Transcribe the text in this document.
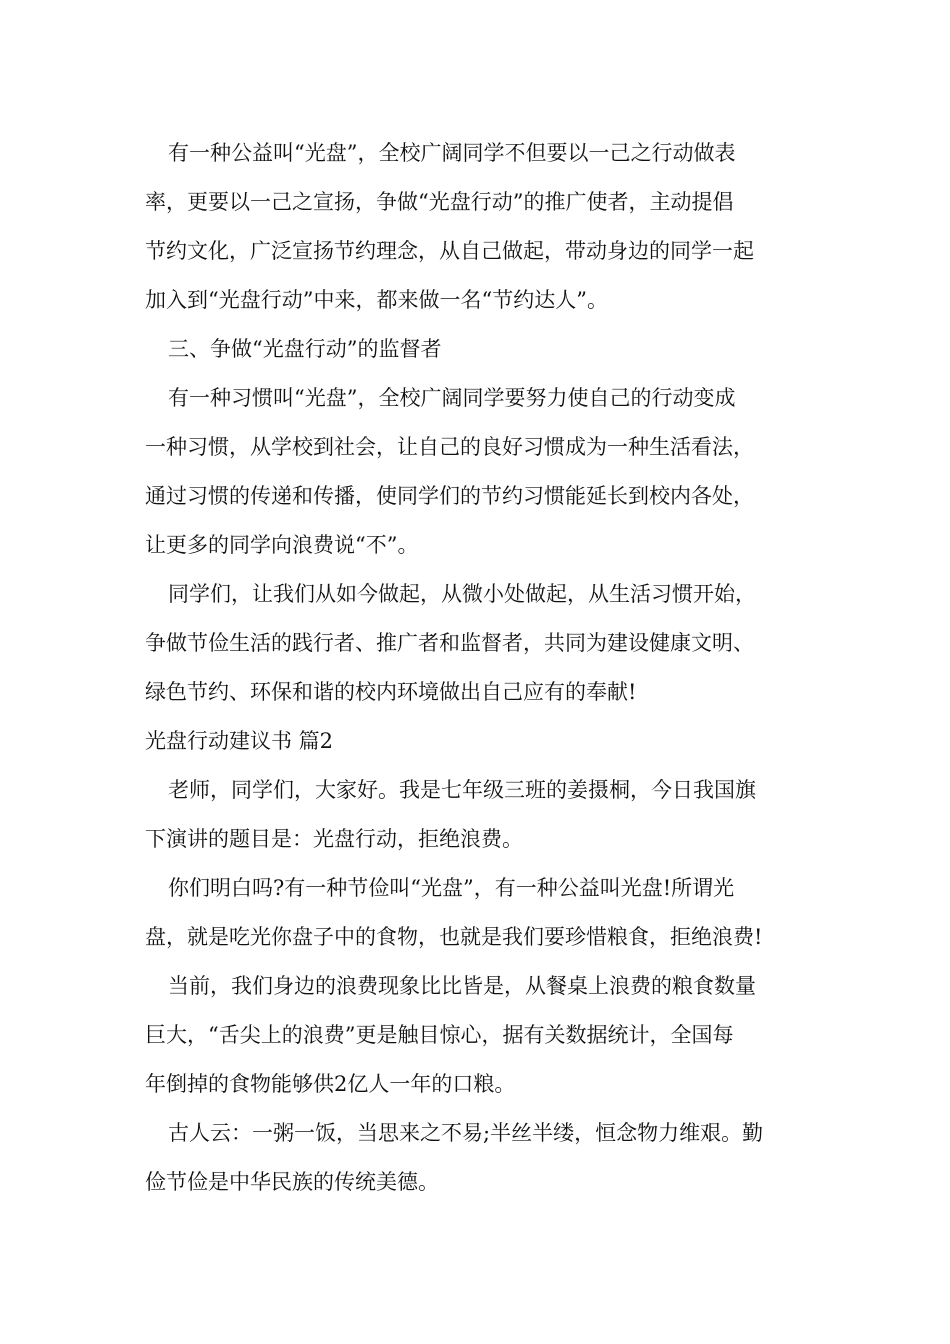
有一种公益叫“光盘”，全校广阔同学不但要以一己之行动做表
率，更要以一己之宣扬，争做“光盘行动”的推广使者，主动提倡
节约文化，广泛宣扬节约理念，从自己做起，带动身边的同学一起
加入到“光盘行动”中来，都来做一名“节约达人”。
三、争做“光盘行动”的监督者
有一种习惯叫“光盘”，全校广阔同学要努力使自己的行动变成
一种习惯，从学校到社会，让自己的良好习惯成为一种生活看法，
通过习惯的传递和传播，使同学们的节约习惯能延长到校内各处，
让更多的同学向浪费说“不”。
同学们，让我们从如今做起，从微小处做起，从生活习惯开始，
争做节俭生活的践行者、推广者和监督者，共同为建设健康文明、
绿色节约、环保和谐的校内环境做出自己应有的奉献!
光盘行动建议书 篇2
老师，同学们，大家好。我是七年级三班的姜摄桐，今日我国旗
下演讲的题目是：光盘行动，拒绝浪费。
你们明白吗?有一种节俭叫“光盘”，有一种公益叫光盘!所谓光
盘，就是吃光你盘子中的食物，也就是我们要珍惜粮食，拒绝浪费!
当前，我们身边的浪费现象比比皆是，从餐桌上浪费的粮食数量
巨大，“舌尖上的浪费”更是触目惊心，据有关数据统计，全国每
年倒掉的食物能够供2亿人一年的口粮。
古人云：一粥一饭，当思来之不易;半丝半缕，恒念物力维艰。勤
俭节俭是中华民族的传统美德。
